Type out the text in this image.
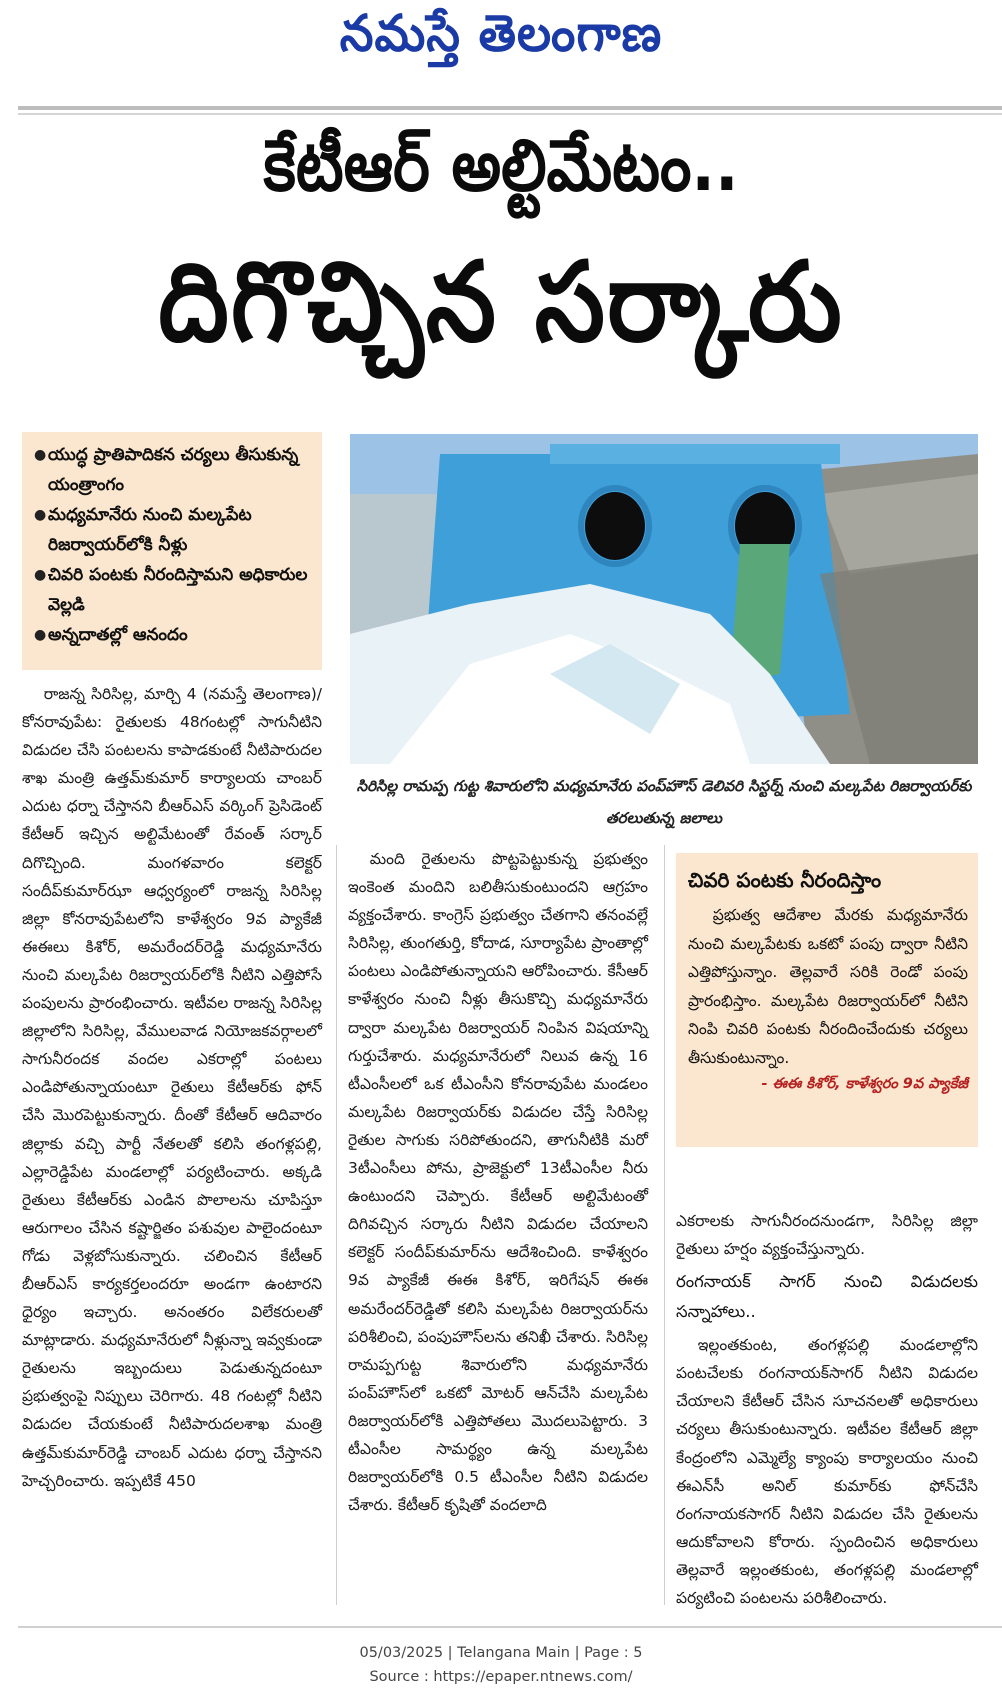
నమస్తే తెలంగాణ
కేటీఆర్ అల్టిమేటం..
దిగొచ్చిన సర్కారు
● యుద్ధ ప్రాతిపాదికన చర్యలు తీసుకున్న యంత్రాంగం
● మధ్యమానేరు నుంచి మల్కపేట రిజర్వాయర్‌లోకి నీళ్లు
● చివరి పంటకు నీరందిస్తామని అధికారుల వెల్లడి
● అన్నదాతల్లో ఆనందం
సిరిసిల్ల రామప్ప గుట్ట శివారులోని మధ్యమానేరు పంప్‌హౌస్ డెలివరి సిస్టర్న్ నుంచి మల్కపేట రిజర్వాయర్‌కు తరలుతున్న జలాలు

రాజన్న సిరిసిల్ల, మార్చి 4 (నమస్తే తెలంగాణ)/ కోనరావుపేట: రైతులకు 48గంటల్లో సాగునీటిని విడుదల చేసి పంటలను కాపాడకుంటే నీటిపారుదల శాఖ మంత్రి ఉత్తమ్‌కుమార్ కార్యాలయ చాంబర్ ఎదుట ధర్నా చేస్తానని బీఆర్‌ఎస్ వర్కింగ్ ప్రెసిడెంట్ కేటీఆర్ ఇచ్చిన అల్టిమేటంతో రేవంత్ సర్కార్ దిగొచ్చింది. మంగళవారం కలెక్టర్ సందీప్‌కుమార్‌ఝా ఆధ్వర్యంలో రాజన్న సిరిసిల్ల జిల్లా కోనరావుపేటలోని కాళేశ్వరం 9వ ప్యాకేజీ ఈఈలు కిశోర్, అమరేందర్‌రెడ్డి మధ్యమానేరు నుంచి మల్కపేట రిజర్వాయర్‌లోకి నీటిని ఎత్తిపోసే పంపులను ప్రారంభించారు. ఇటీవల రాజన్న సిరిసిల్ల జిల్లాలోని సిరిసిల్ల, వేములవాడ నియోజకవర్గాలలో సాగునీరందక వందల ఎకరాల్లో పంటలు ఎండిపోతున్నాయంటూ రైతులు కేటీఆర్‌కు ఫోన్ చేసి మొరపెట్టుకున్నారు. దీంతో కేటీఆర్ ఆదివారం జిల్లాకు వచ్చి పార్టీ నేతలతో కలిసి తంగళ్లపల్లి, ఎల్లారెడ్డిపేట మండలాల్లో పర్యటించారు. అక్కడి రైతులు కేటీఆర్‌కు ఎండిన పొలాలను చూపిస్తూ ఆరుగాలం చేసిన కష్టార్జితం పశువుల పాలైందంటూ గోడు వెళ్లబోసుకున్నారు. చలించిన కేటీఆర్ బీఆర్‌ఎస్ కార్యకర్తలందరూ అండగా ఉంటారని ధైర్యం ఇచ్చారు. అనంతరం విలేకరులతో మాట్లాడారు. మధ్యమానేరులో నీళ్లున్నా ఇవ్వకుండా రైతులను ఇబ్బందులు పెడుతున్నదంటూ ప్రభుత్వంపై నిప్పులు చెరిగారు. 48 గంటల్లో నీటిని విడుదల చేయకుంటే నీటిపారుదలశాఖ మంత్రి ఉత్తమ్‌కుమార్‌రెడ్డి చాంబర్ ఎదుట ధర్నా చేస్తానని హెచ్చరించారు. ఇప్పటికే 450

మంది రైతులను పొట్టపెట్టుకున్న ప్రభుత్వం ఇంకెంత మందిని బలితీసుకుంటుందని ఆగ్రహం వ్యక్తంచేశారు. కాంగ్రెస్ ప్రభుత్వం చేతగాని తనంవల్లే సిరిసిల్ల, తుంగతుర్తి, కోదాడ, సూర్యాపేట ప్రాంతాల్లో పంటలు ఎండిపోతున్నాయని ఆరోపించారు. కేసీఆర్ కాళేశ్వరం నుంచి నీళ్లు తీసుకొచ్చి మధ్యమానేరు ద్వారా మల్కపేట రిజర్వాయర్ నింపిన విషయాన్ని గుర్తుచేశారు. మధ్యమానేరులో నిలువ ఉన్న 16 టీఎంసీలలో ఒక టీఎంసీని కోనరావుపేట మండలం మల్కపేట రిజర్వాయర్‌కు విడుదల చేస్తే సిరిసిల్ల రైతుల సాగుకు సరిపోతుందని, తాగునీటికి మరో 3టీఎంసీలు పోను, ప్రాజెక్టులో 13టీఎంసీల నీరు ఉంటుందని చెప్పారు. కేటీఆర్ అల్టిమేటంతో దిగివచ్చిన సర్కారు నీటిని విడుదల చేయాలని కలెక్టర్ సందీప్‌కుమార్‌ను ఆదేశించింది. కాళేశ్వరం 9వ ప్యాకేజీ ఈఈ కిశోర్, ఇరిగేషన్ ఈఈ అమరేందర్‌రెడ్డితో కలిసి మల్కపేట రిజర్వాయర్‌ను పరిశీలించి, పంపుహౌస్‌లను తనిఖీ చేశారు. సిరిసిల్ల రామప్పగుట్ట శివారులోని మధ్యమానేరు పంప్‌హౌస్‌లో ఒకటో మోటర్ ఆన్‌చేసి మల్కపేట రిజర్వాయర్‌లోకి ఎత్తిపోతలు మొదలుపెట్టారు. 3 టీఎంసీల సామర్థ్యం ఉన్న మల్కపేట రిజర్వాయర్‌లోకి 0.5 టీఎంసీల నీటిని విడుదల చేశారు. కేటీఆర్ కృషితో వందలాది

చివరి పంటకు నీరందిస్తాం
ప్రభుత్వ ఆదేశాల మేరకు మధ్యమానేరు నుంచి మల్కపేటకు ఒకటో పంపు ద్వారా నీటిని ఎత్తిపోస్తున్నాం. తెల్లవారే సరికి రెండో పంపు ప్రారంభిస్తాం. మల్కపేట రిజర్వాయర్‌లో నీటిని నింపి చివరి పంటకు నీరందించేందుకు చర్యలు తీసుకుంటున్నాం.
- ఈఈ కిశోర్, కాళేశ్వరం 9వ ప్యాకేజీ

ఎకరాలకు సాగునీరందనుండగా, సిరిసిల్ల జిల్లా రైతులు హర్షం వ్యక్తంచేస్తున్నారు.

రంగనాయక్ సాగర్ నుంచి విడుదలకు సన్నాహాలు..

ఇల్లంతకుంట, తంగళ్లపల్లి మండలాల్లోని పంటచేలకు రంగనాయక్‌సాగర్ నీటిని విడుదల చేయాలని కేటీఆర్ చేసిన సూచనలతో అధికారులు చర్యలు తీసుకుంటున్నారు. ఇటీవల కేటీఆర్ జిల్లా కేంద్రంలోని ఎమ్మెల్యే క్యాంపు కార్యాలయం నుంచి ఈఎన్‌సీ అనిల్ కుమార్‌కు ఫోన్‌చేసి రంగనాయకసాగర్ నీటిని విడుదల చేసి రైతులను ఆదుకోవాలని కోరారు. స్పందించిన అధికారులు తెల్లవారే ఇల్లంతకుంట, తంగళ్లపల్లి మండలాల్లో పర్యటించి పంటలను పరిశీలించారు.

05/03/2025 | Telangana Main | Page : 5
Source : https://epaper.ntnews.com/
